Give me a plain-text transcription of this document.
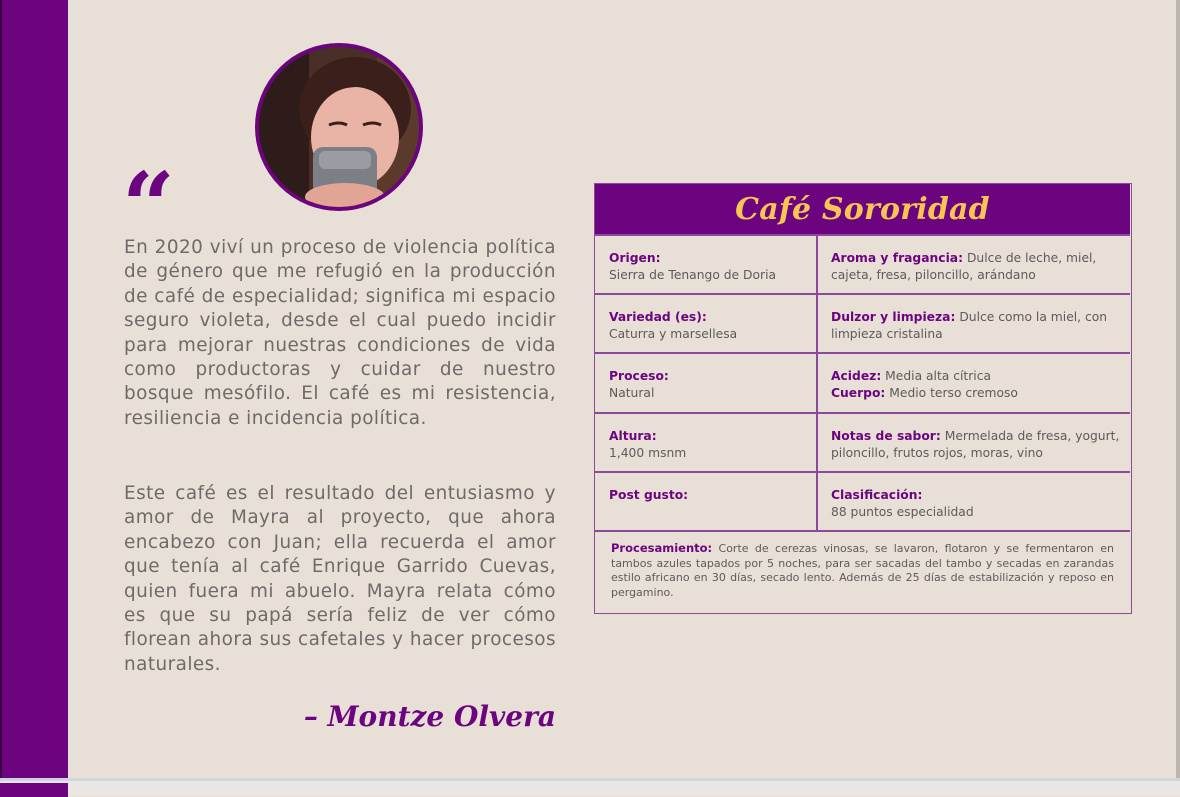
“

En 2020 viví un proceso de violencia política de género que me refugió en la producción de café de especialidad; significa mi espacio seguro violeta, desde el cual puedo incidir para mejorar nuestras condiciones de vida como productoras y cuidar de nuestro bosque mesófilo. El café es mi resistencia, resiliencia e incidencia política.

Este café es el resultado del entusiasmo y amor de Mayra al proyecto, que ahora encabezo con Juan; ella recuerda el amor que tenía al café Enrique Garrido Cuevas, quien fuera mi abuelo. Mayra relata cómo es que su papá sería feliz de ver cómo florean ahora sus cafetales y hacer procesos naturales.

– Montze Olvera
Café Sororidad
Origen:
Sierra de Tenango de Doria
Aroma y fragancia: Dulce de leche, miel, cajeta, fresa, piloncillo, arándano
Variedad (es):
Caturra y marsellesa
Dulzor y limpieza: Dulce como la miel, con limpieza cristalina
Proceso:
Natural
Acidez: Media alta cítrica
Cuerpo: Medio terso cremoso
Altura:
1,400 msnm
Notas de sabor: Mermelada de fresa, yogurt, piloncillo, frutos rojos, moras, vino
Post gusto:	Clasificación:
88 puntos especialidad
Procesamiento: Corte de cerezas vinosas, se lavaron, flotaron y se fermentaron en tambos azules tapados por 5 noches, para ser sacadas del tambo y secadas en zarandas estilo africano en 30 días, secado lento. Además de 25 días de estabilización y reposo en pergamino.
